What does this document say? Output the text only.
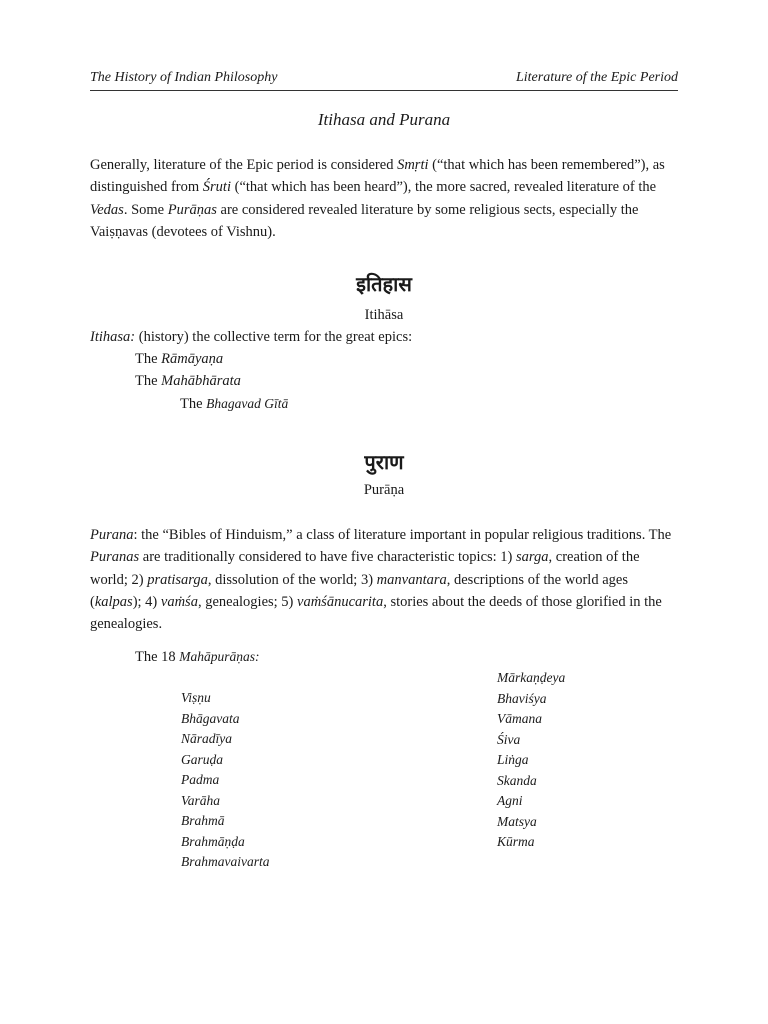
The History of Indian Philosophy	Literature of the Epic Period
Itihasa and Purana
Generally, literature of the Epic period is considered Smṛti (“that which has been remembered”), as distinguished from Śruti (“that which has been heard”), the more sacred, revealed literature of the Vedas. Some Purāṇas are considered revealed literature by some religious sects, especially the Vaiṣṇavas (devotees of Vishnu).
इतिहास
Itihāsa
Itihasa: (history) the collective term for the great epics:
The Rāmāyaṇa
The Mahābhārata
The Bhagavad Gītā
पुराण
Purāṇa
Purana: the “Bibles of Hinduism,” a class of literature important in popular religious traditions. The Puranas are traditionally considered to have five characteristic topics: 1) sarga, creation of the world; 2) pratisarga, dissolution of the world; 3) manvantara, descriptions of the world ages (kalpas); 4) vaṁśa, genealogies; 5) vaṁśānucarita, stories about the deeds of those glorified in the genealogies.
The 18 Mahāpurāṇas:
Viṣṇu
Bhāgavata
Nāradīya
Garuḍa
Padma
Varāha
Brahmā
Brahmāṇḍa
Brahmavaivarta
Mārkaṇḍeya
Bhaviśya
Vāmana
Śiva
Liṅga
Skanda
Agni
Matsya
Kūrma
